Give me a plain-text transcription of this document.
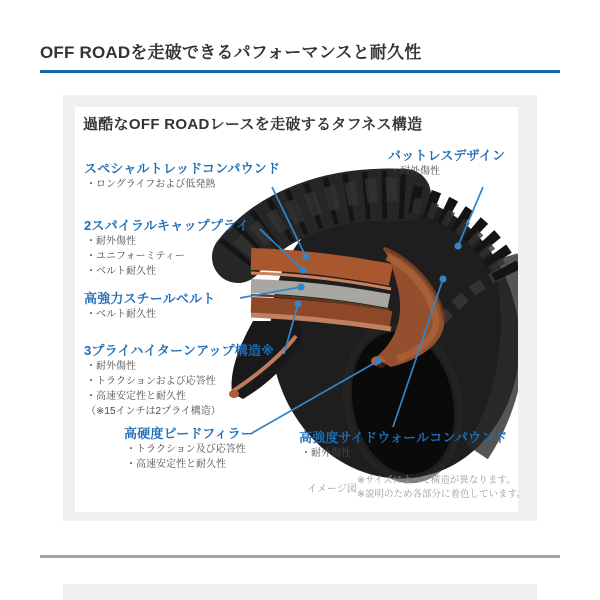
OFF ROADを走破できるパフォーマンスと耐久性
過酷なOFF ROADレースを走破するタフネス構造
スペシャルトレッドコンパウンド
・ロングライフおよび低発熱
2スパイラルキャッププライ
・耐外傷性
・ユニフォーミティー
・ベルト耐久性
高強力スチールベルト
・ベルト耐久性
3プライハイターンアップ構造※
・耐外傷性
・トラクションおよび応答性
・高速安定性と耐久性
（※15インチは2プライ構造）
高硬度ビードフィラー
・トラクション及び応答性
・高速安定性と耐久性
バットレスデザイン
・耐外傷性
高強度サイドウォールコンパウンド
・耐外傷性
イメージ図
※サイズによって構造が異なります。
※説明のため各部分に着色しています。
